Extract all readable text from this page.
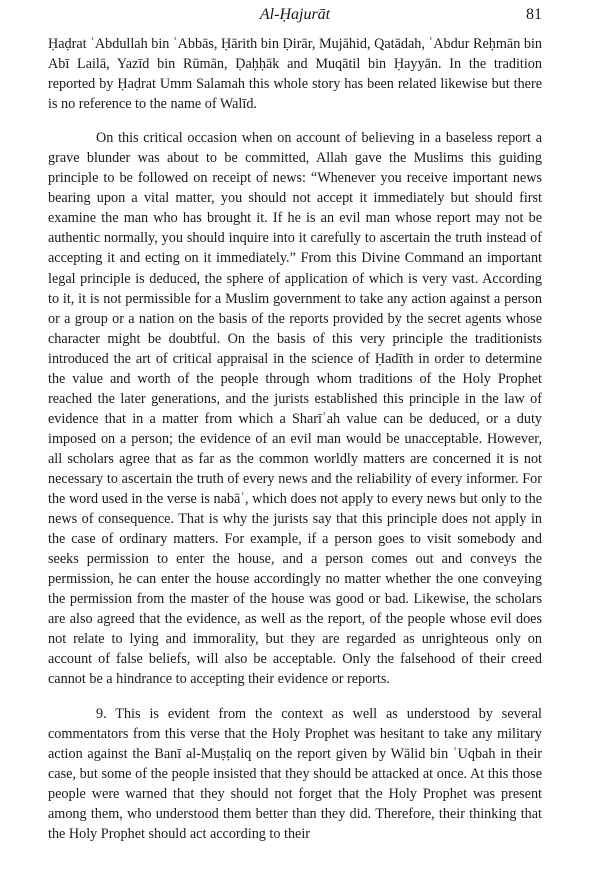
Al-Ḥajurāt	81

Ḥaḍrat ʿAbdullah bin ʿAbbās, Ḥārith bin Ḍirār, Mujāhid, Qatādah, ʿAbdur Reḥmān bin Abī Lailā, Yazīd bin Rūmān, Ḍaḥḥāk and Muqātil bin Ḥayyān. In the tradition reported by Ḥaḍrat Umm Salamah this whole story has been related likewise but there is no reference to the name of Walīd.

On this critical occasion when on account of believing in a baseless report a grave blunder was about to be committed, Allah gave the Muslims this guiding principle to be followed on receipt of news: “Whenever you receive important news bearing upon a vital matter, you should not accept it immediately but should first examine the man who has brought it. If he is an evil man whose report may not be authentic normally, you should inquire into it carefully to ascertain the truth instead of accepting it and ecting on it immediately.” From this Divine Command an important legal principle is deduced, the sphere of application of which is very vast. According to it, it is not permissible for a Muslim government to take any action against a person or a group or a nation on the basis of the reports provided by the secret agents whose character might be doubtful. On the basis of this very principle the traditionists introduced the art of critical appraisal in the science of Ḥadīth in order to determine the value and worth of the people through whom traditions of the Holy Prophet reached the later generations, and the jurists established this principle in the law of evidence that in a matter from which a Sharīʿah value can be deduced, or a duty imposed on a person; the evidence of an evil man would be unacceptable. However, all scholars agree that as far as the common worldly matters are concerned it is not necessary to ascertain the truth of every news and the reliability of every informer. For the word used in the verse is nabāʾ, which does not apply to every news but only to the news of consequence. That is why the jurists say that this principle does not apply in the case of ordinary matters. For example, if a person goes to visit somebody and seeks permission to enter the house, and a person comes out and conveys the permission, he can enter the house accordingly no matter whether the one conveying the permission from the master of the house was good or bad. Likewise, the scholars are also agreed that the evidence, as well as the report, of the people whose evil does not relate to lying and immorality, but they are regarded as unrighteous only on account of false beliefs, will also be acceptable. Only the falsehood of their creed cannot be a hindrance to accepting their evidence or reports.

9. This is evident from the context as well as understood by several commentators from this verse that the Holy Prophet was hesitant to take any military action against the Banī al-Muṣṭaliq on the report given by Wālid bin ʿUqbah in their case, but some of the people insisted that they should be attacked at once. At this those people were warned that they should not forget that the Holy Prophet was present among them, who understood them better than they did. Therefore, their thinking that the Holy Prophet should act according to their
